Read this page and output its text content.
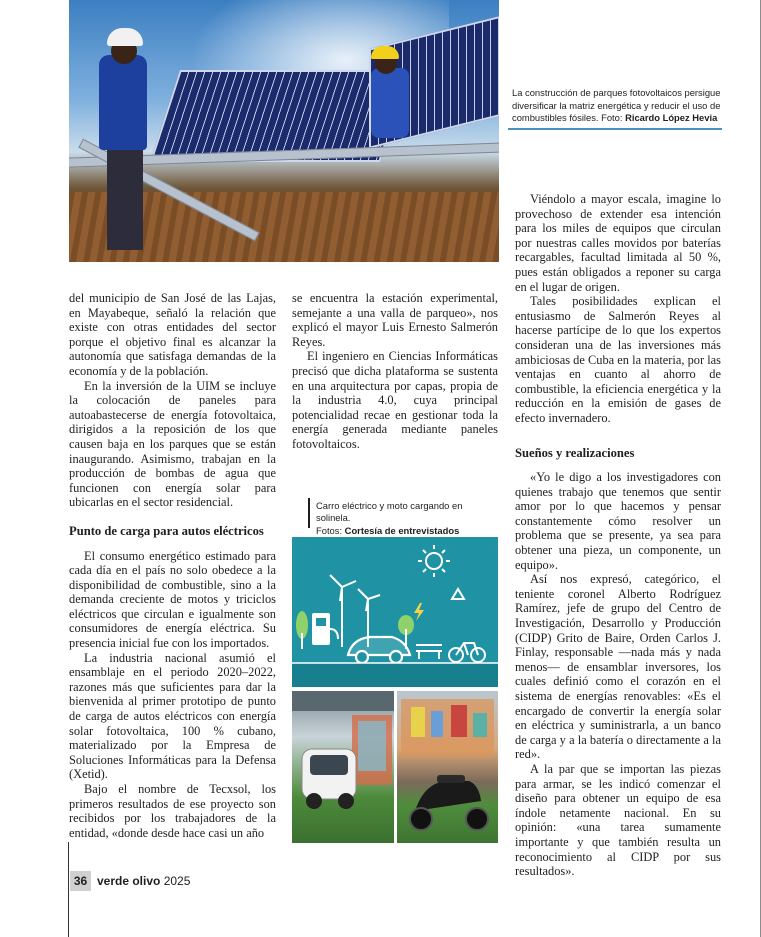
La construcción de parques fotovoltaicos persigue diversificar la matriz energética y reducir el uso de combustibles fósiles. Foto: Ricardo López Hevia

del municipio de San José de las Lajas, en Mayabeque, señaló la relación que existe con otras entidades del sector porque el objetivo final es alcanzar la autonomía que satisfaga demandas de la economía y de la población.

En la inversión de la UIM se incluye la colocación de paneles para autoabastecerse de energía fotovoltaica, dirigidos a la reposición de los que causen baja en los parques que se están inaugurando. Asimismo, trabajan en la producción de bombas de agua que funcionen con energía solar para ubicarlas en el sector residencial.

Punto de carga para autos eléctricos

El consumo energético estimado para cada día en el país no solo obedece a la disponibilidad de combustible, sino a la demanda creciente de motos y triciclos eléctricos que circulan e igualmente son consumidores de energía eléctrica. Su presencia inicial fue con los importados.

La industria nacional asumió el ensamblaje en el periodo 2020–2022, razones más que suficientes para dar la bienvenida al primer prototipo de punto de carga de autos eléctricos con energía solar fotovoltaica, 100 % cubano, materializado por la Empresa de Soluciones Informáticas para la Defensa (Xetid).

Bajo el nombre de Tecxsol, los primeros resultados de ese proyecto son recibidos por los trabajadores de la entidad, «donde desde hace casi un año

se encuentra la estación experimental, semejante a una valla de parqueo», nos explicó el mayor Luis Ernesto Salmerón Reyes.

El ingeniero en Ciencias Informáticas precisó que dicha plataforma se sustenta en una arquitectura por capas, propia de la industria 4.0, cuya principal potencialidad recae en gestionar toda la energía generada mediante paneles fotovoltaicos.

Carro eléctrico y moto cargando en solinela.
Fotos: Cortesía de entrevistados

Viéndolo a mayor escala, imagine lo provechoso de extender esa intención para los miles de equipos que circulan por nuestras calles movidos por baterías recargables, facultad limitada al 50 %, pues están obligados a reponer su carga en el lugar de origen.

Tales posibilidades explican el entusiasmo de Salmerón Reyes al hacerse partícipe de lo que los expertos consideran una de las inversiones más ambiciosas de Cuba en la materia, por las ventajas en cuanto al ahorro de combustible, la eficiencia energética y la reducción en la emisión de gases de efecto invernadero.

Sueños y realizaciones

«Yo le digo a los investigadores con quienes trabajo que tenemos que sentir amor por lo que hacemos y pensar constantemente cómo resolver un problema que se presente, ya sea para obtener una pieza, un componente, un equipo».

Así nos expresó, categórico, el teniente coronel Alberto Rodríguez Ramírez, jefe de grupo del Centro de Investigación, Desarrollo y Producción (CIDP) Grito de Baire, Orden Carlos J. Finlay, responsable —nada más y nada menos— de ensamblar inversores, los cuales definió como el corazón en el sistema de energías renovables: «Es el encargado de convertir la energía solar en eléctrica y suministrarla, a un banco de carga y a la batería o directamente a la red».

A la par que se importan las piezas para armar, se les indicó comenzar el diseño para obtener un equipo de esa índole netamente nacional. En su opinión: «una tarea sumamente importante y que también resulta un reconocimiento al CIDP por sus resultados».

36 verde olivo 2025
